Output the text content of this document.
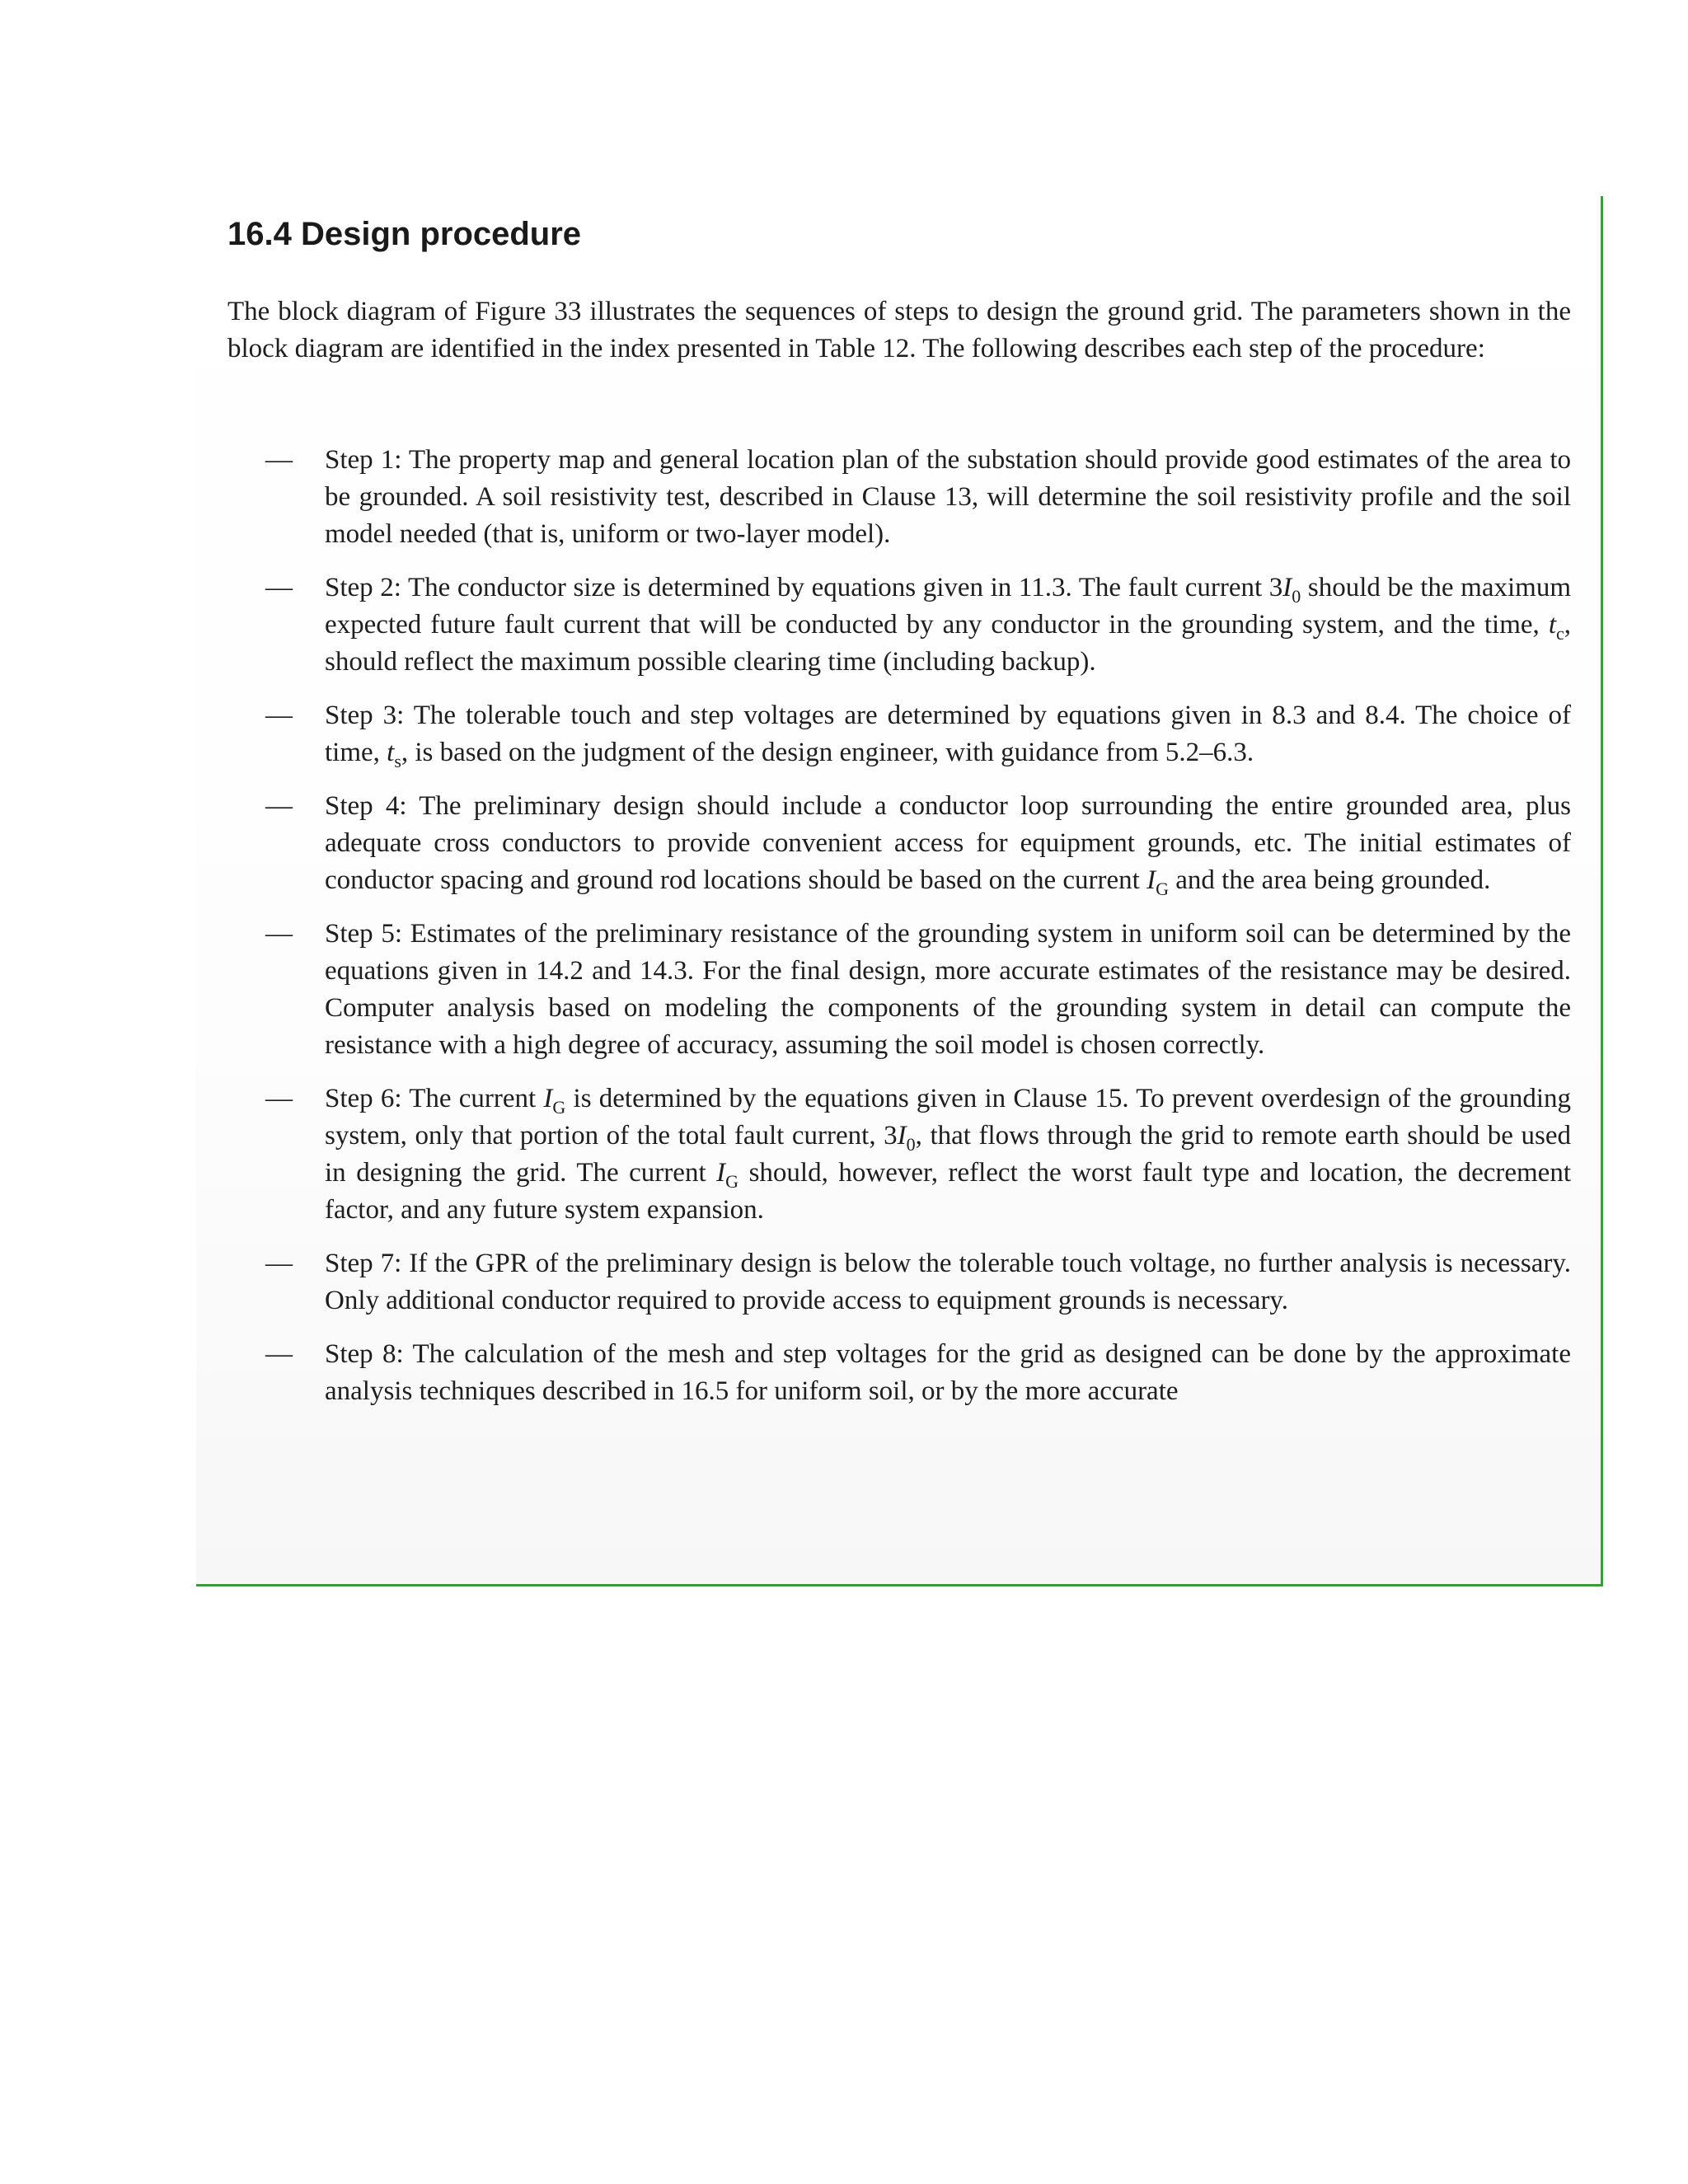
16.4 Design procedure

The block diagram of Figure 33 illustrates the sequences of steps to design the ground grid. The parameters shown in the block diagram are identified in the index presented in Table 12. The following describes each step of the procedure:

— Step 1: The property map and general location plan of the substation should provide good estimates of the area to be grounded. A soil resistivity test, described in Clause 13, will determine the soil resistivity profile and the soil model needed (that is, uniform or two-layer model).
— Step 2: The conductor size is determined by equations given in 11.3. The fault current $3I_0$ should be the maximum expected future fault current that will be conducted by any conductor in the grounding system, and the time, $t_c$, should reflect the maximum possible clearing time (including backup).
— Step 3: The tolerable touch and step voltages are determined by equations given in 8.3 and 8.4. The choice of time, $t_s$, is based on the judgment of the design engineer, with guidance from 5.2–6.3.
— Step 4: The preliminary design should include a conductor loop surrounding the entire grounded area, plus adequate cross conductors to provide convenient access for equipment grounds, etc. The initial estimates of conductor spacing and ground rod locations should be based on the current $I_G$ and the area being grounded.
— Step 5: Estimates of the preliminary resistance of the grounding system in uniform soil can be determined by the equations given in 14.2 and 14.3. For the final design, more accurate estimates of the resistance may be desired. Computer analysis based on modeling the components of the grounding system in detail can compute the resistance with a high degree of accuracy, assuming the soil model is chosen correctly.
— Step 6: The current $I_G$ is determined by the equations given in Clause 15. To prevent overdesign of the grounding system, only that portion of the total fault current, $3I_0$, that flows through the grid to remote earth should be used in designing the grid. The current $I_G$ should, however, reflect the worst fault type and location, the decrement factor, and any future system expansion.
— Step 7: If the GPR of the preliminary design is below the tolerable touch voltage, no further analysis is necessary. Only additional conductor required to provide access to equipment grounds is necessary.
— Step 8: The calculation of the mesh and step voltages for the grid as designed can be done by the approximate analysis techniques described in 16.5 for uniform soil, or by the more accurate
